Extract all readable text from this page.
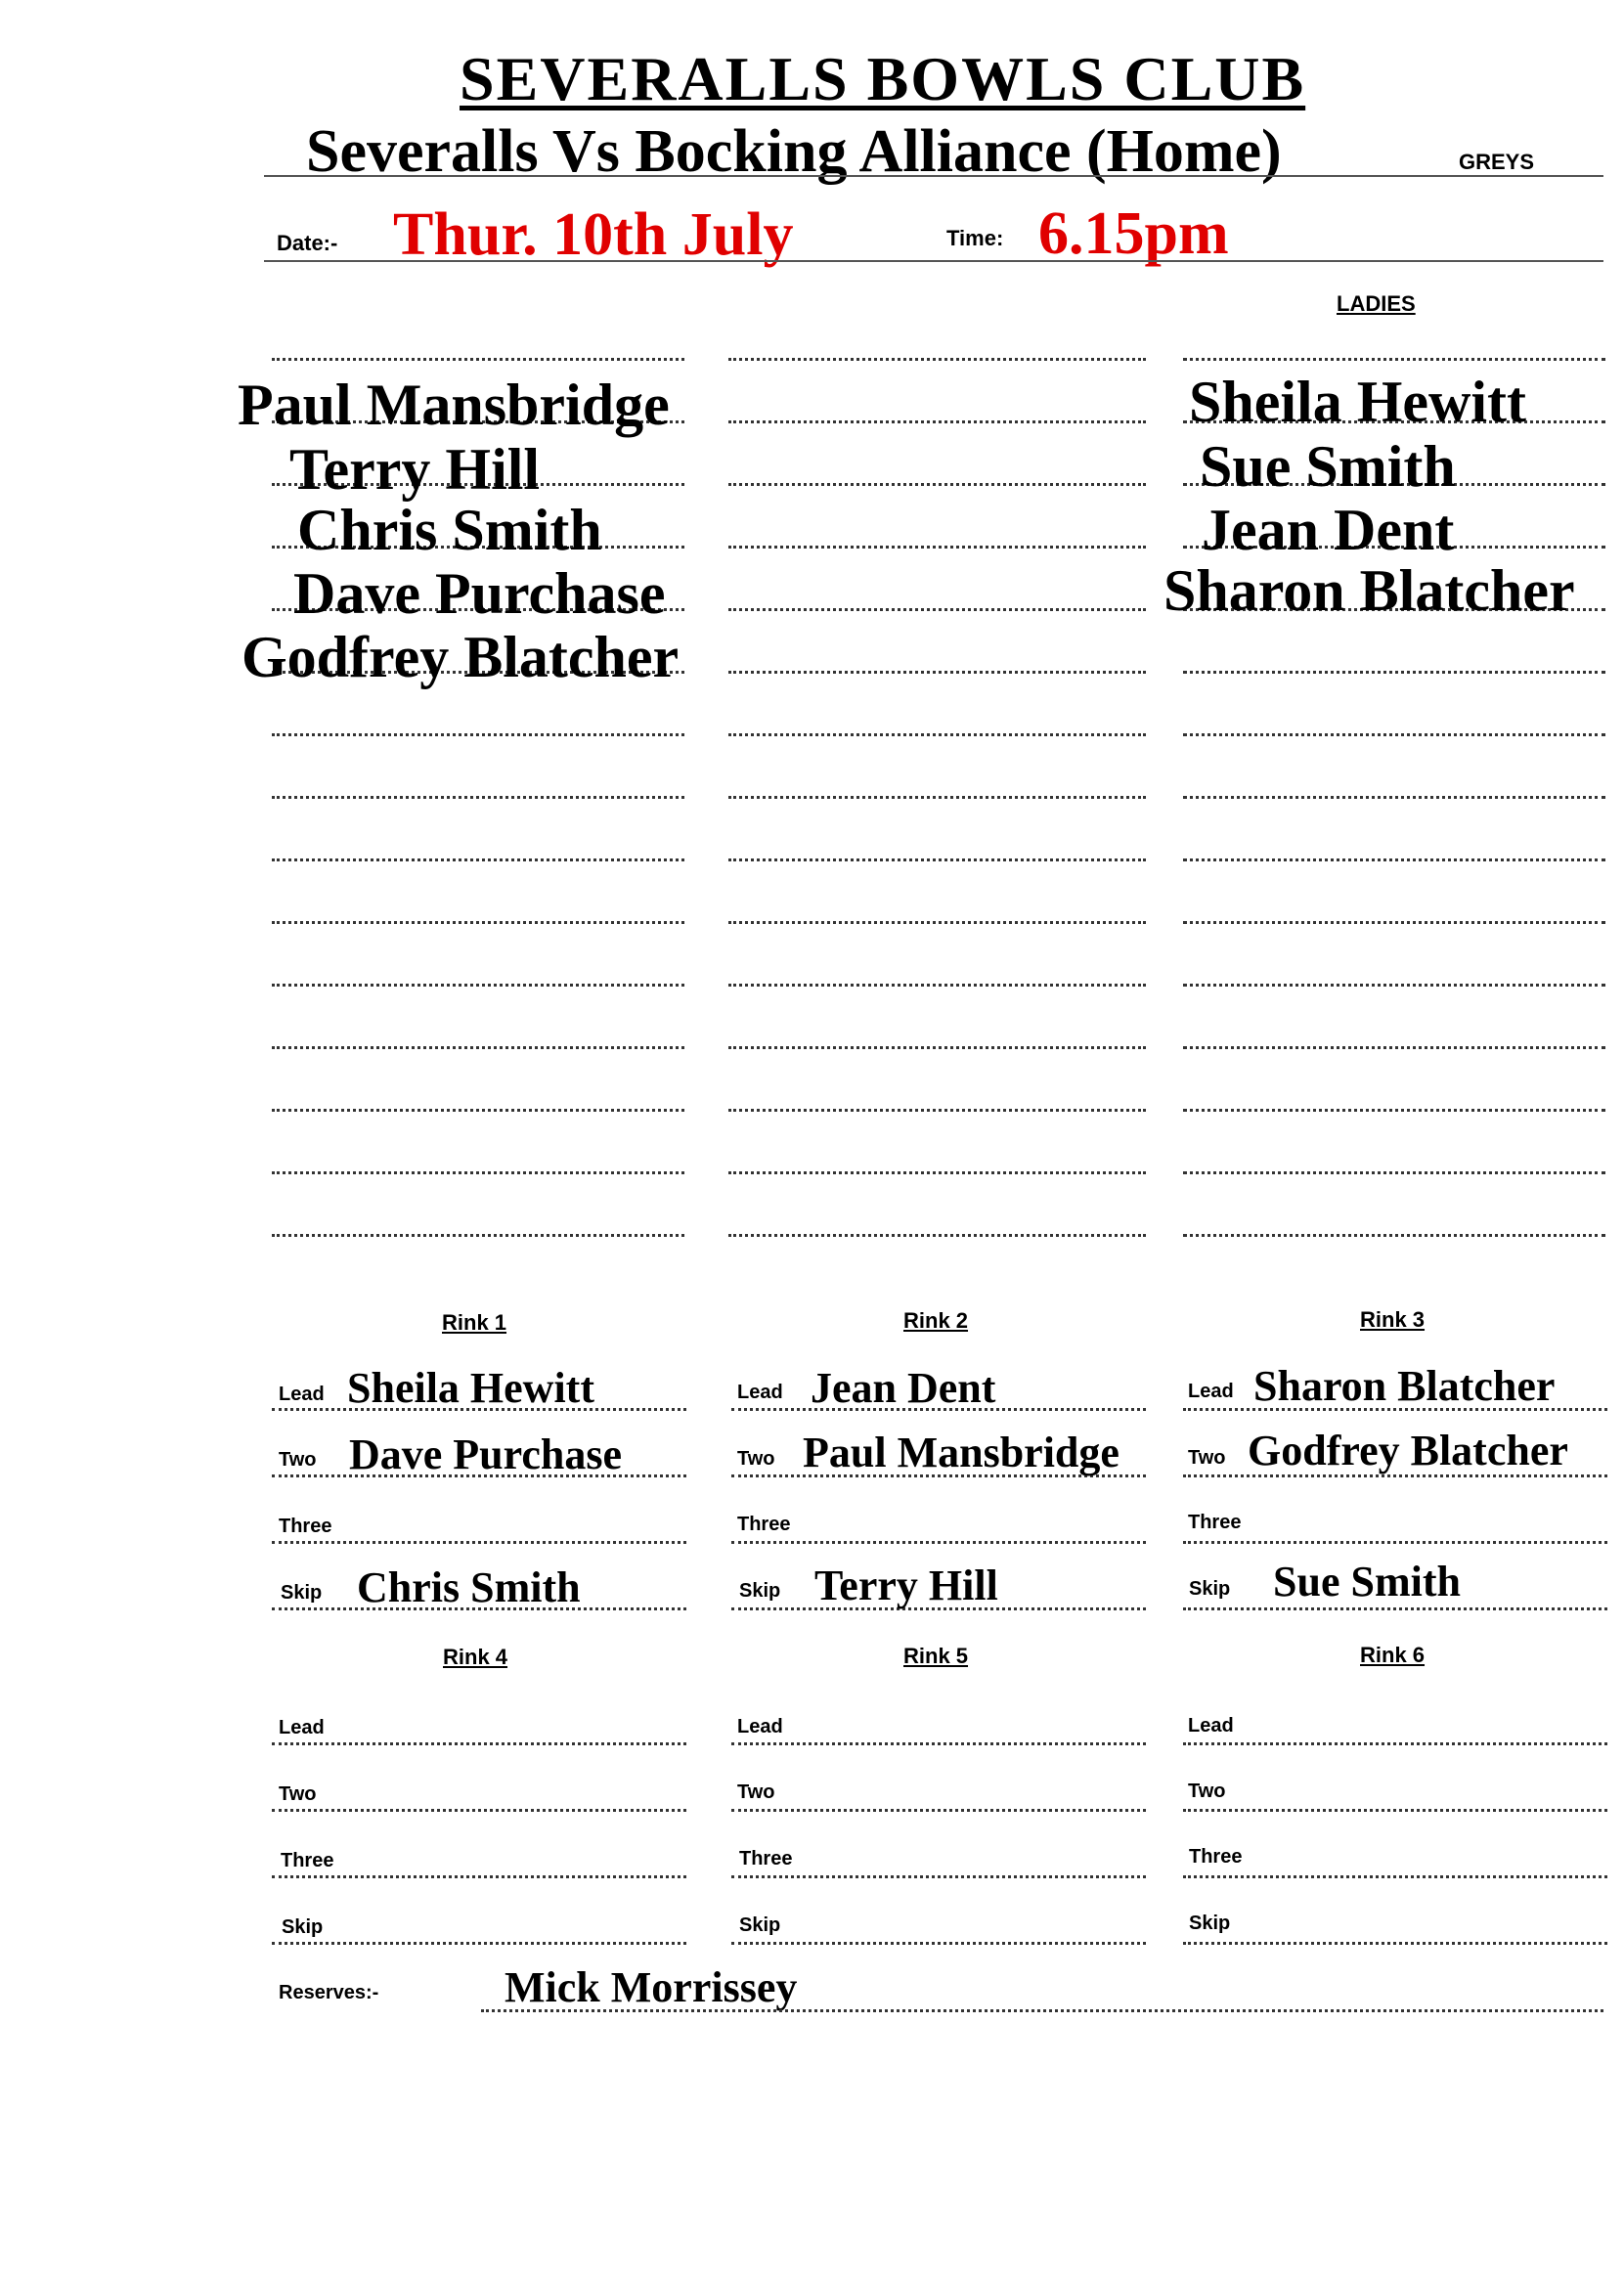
SEVERALLS BOWLS CLUB
Severalls Vs Bocking Alliance (Home)	GREYS
Date:- Thur. 10th July	Time: 6.15pm
LADIES
Paul Mansbridge
Terry Hill
Chris Smith
Dave Purchase
Godfrey Blatcher
Sheila Hewitt
Sue Smith
Jean Dent
Sharon Blatcher
Rink 1	Rink 2	Rink 3
Lead Sheila Hewitt
Two Dave Purchase
Three
Skip Chris Smith
Lead Jean Dent
Two Paul Mansbridge
Three
Skip Terry Hill
Lead Sharon Blatcher
Two Godfrey Blatcher
Three
Skip Sue Smith
Rink 4	Rink 5	Rink 6
Lead
Two
Three
Skip
Lead
Two
Three
Skip
Lead
Two
Three
Skip
Reserves:-	Mick Morrissey
